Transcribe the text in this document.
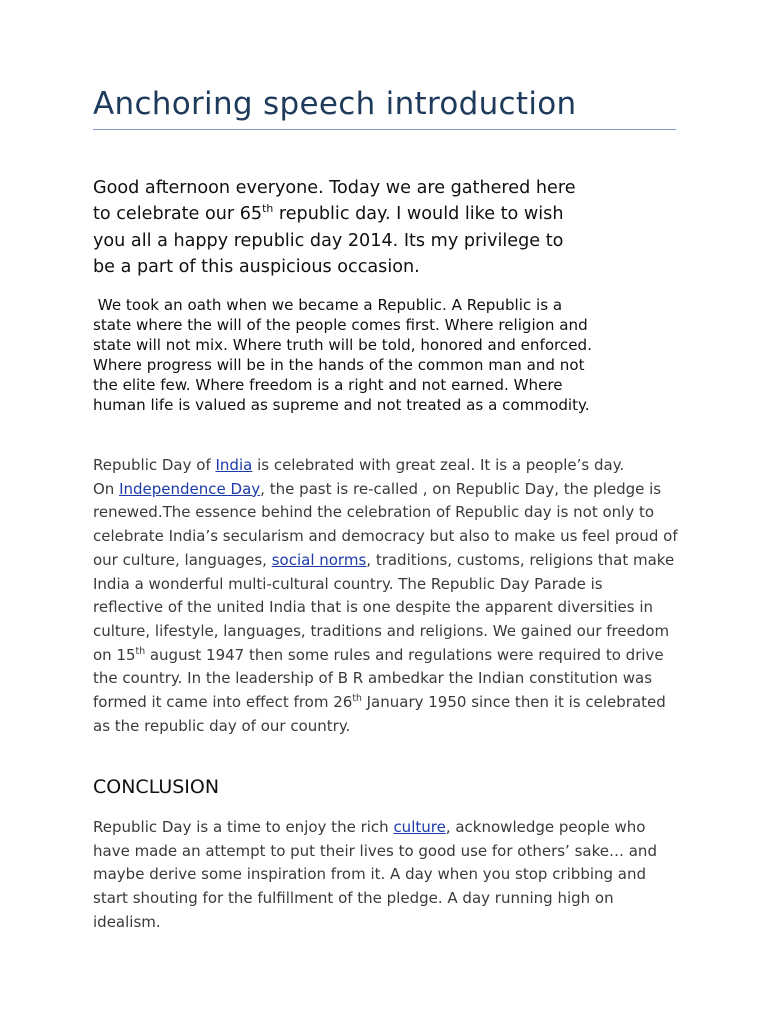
Anchoring speech introduction

Good afternoon everyone. Today we are gathered here

to celebrate our 65th republic day. I would like to wish

you all a happy republic day 2014. Its my privilege to

be a part of this auspicious occasion.

We took an oath when we became a Republic. A Republic is a

state where the will of the people comes first. Where religion and

state will not mix. Where truth will be told, honored and enforced.

Where progress will be in the hands of the common man and not

the elite few. Where freedom is a right and not earned. Where

human life is valued as supreme and not treated as a commodity.

Republic Day of India is celebrated with great zeal. It is a people’s day.

On Independence Day, the past is re-called , on Republic Day, the pledge is

renewed.The essence behind the celebration of Republic day is not only to

celebrate India’s secularism and democracy but also to make us feel proud of

our culture, languages, social norms, traditions, customs, religions that make

India a wonderful multi-cultural country. The Republic Day Parade is

reflective of the united India that is one despite the apparent diversities in

culture, lifestyle, languages, traditions and religions. We gained our freedom

on 15th august 1947 then some rules and regulations were required to drive

the country. In the leadership of B R ambedkar the Indian constitution was

formed it came into effect from 26th January 1950 since then it is celebrated

as the republic day of our country.

CONCLUSION

Republic Day is a time to enjoy the rich culture, acknowledge people who

have made an attempt to put their lives to good use for others’ sake… and

maybe derive some inspiration from it. A day when you stop cribbing and

start shouting for the fulfillment of the pledge. A day running high on

idealism.
